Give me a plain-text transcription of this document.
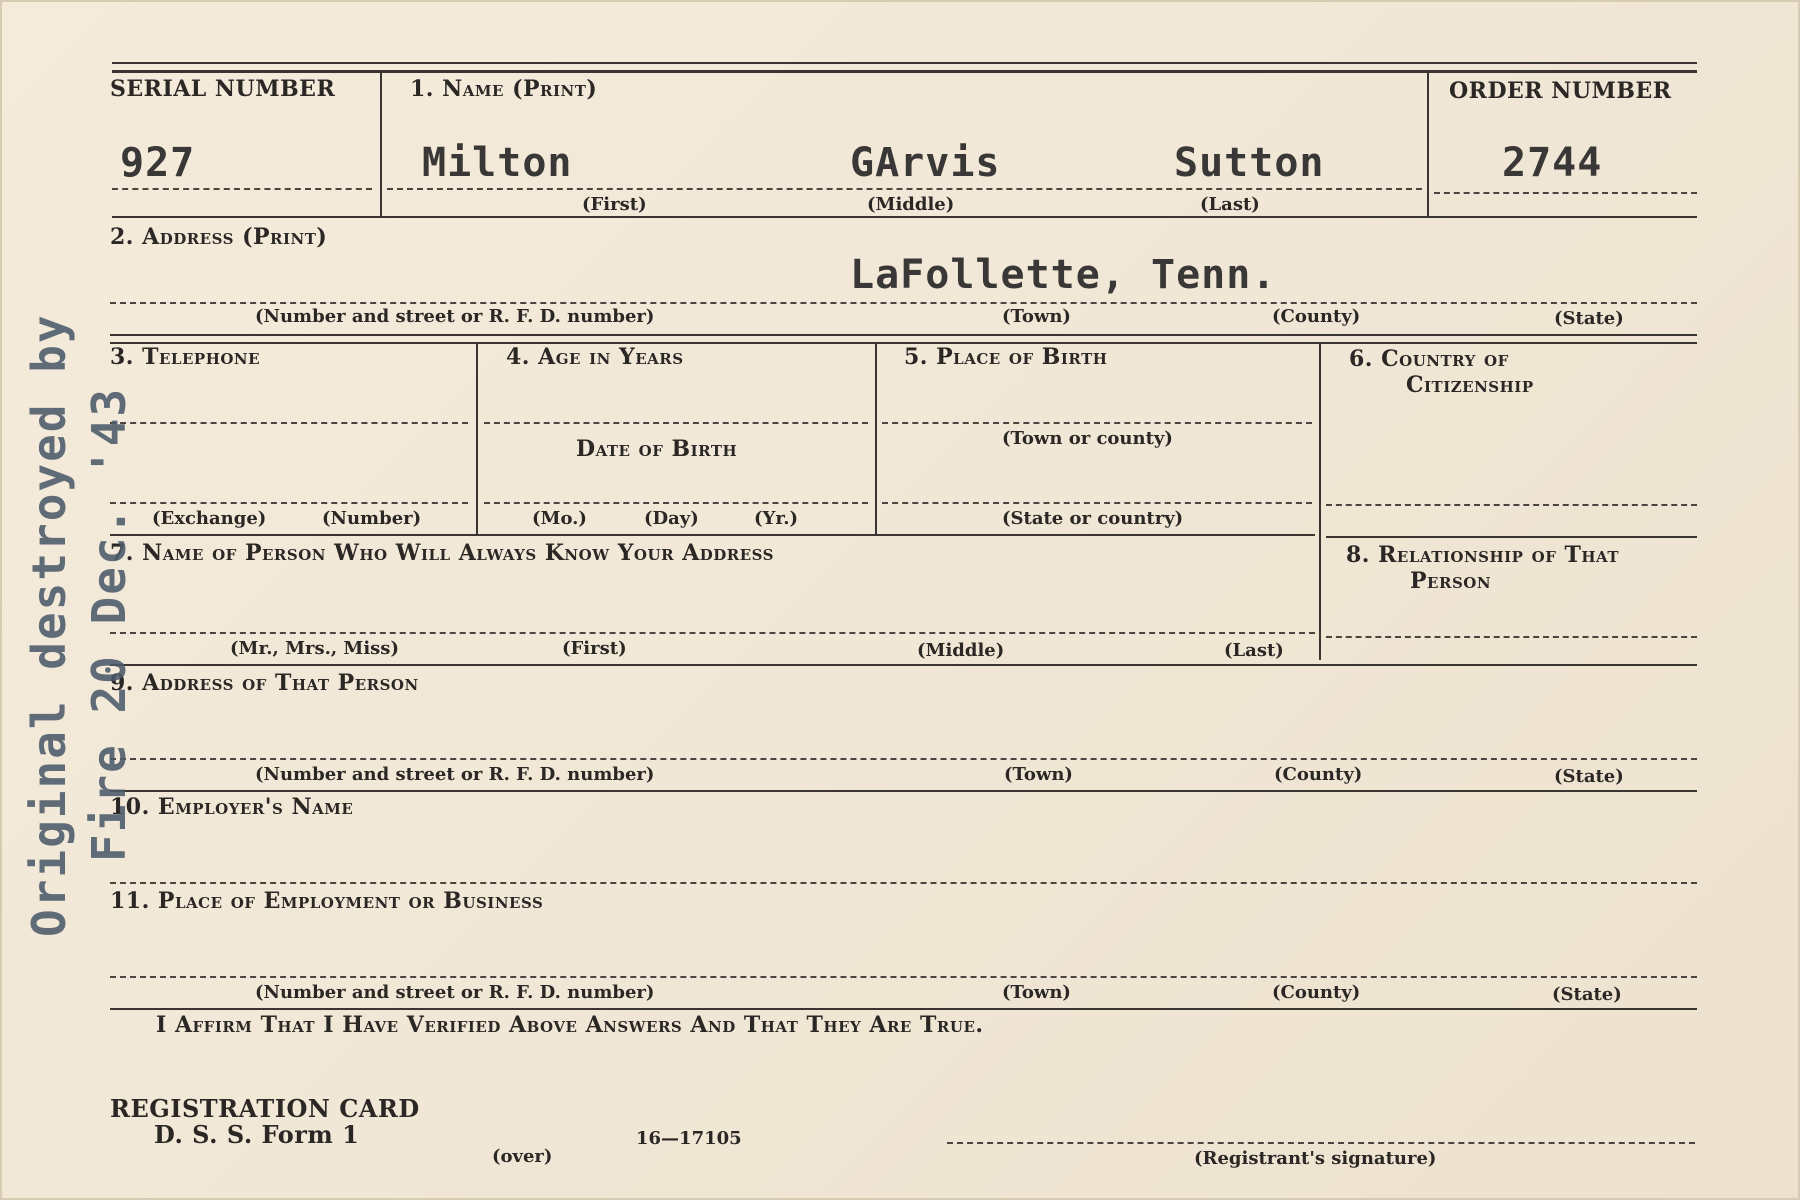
SERIAL NUMBER
927
1. Name (Print)
Milton	GArvis	Sutton
(First)	(Middle)	(Last)
ORDER NUMBER
2744
2. Address (Print)
LaFollette, Tenn.
(Number and street or R. F. D. number)	(Town)	(County)	(State)
3. Telephone
(Exchange)	(Number)
4. Age in Years
Date of Birth
(Mo.)	(Day)	(Yr.)
5. Place of Birth
(Town or county)
(State or country)
6. Country of
Citizenship
7. Name of Person Who Will Always Know Your Address
(Mr., Mrs., Miss)	(First)	(Middle)	(Last)
8. Relationship of That
Person
9. Address of That Person
(Number and street or R. F. D. number)	(Town)	(County)	(State)
10. Employer's Name
11. Place of Employment or Business
(Number and street or R. F. D. number)	(Town)	(County)	(State)
I Affirm That I Have Verified Above Answers And That They Are True.
REGISTRATION CARD
D. S. S. Form 1
(over)
16—17105
(Registrant's signature)
Original destroyed by Fire 20 Dec. '43
